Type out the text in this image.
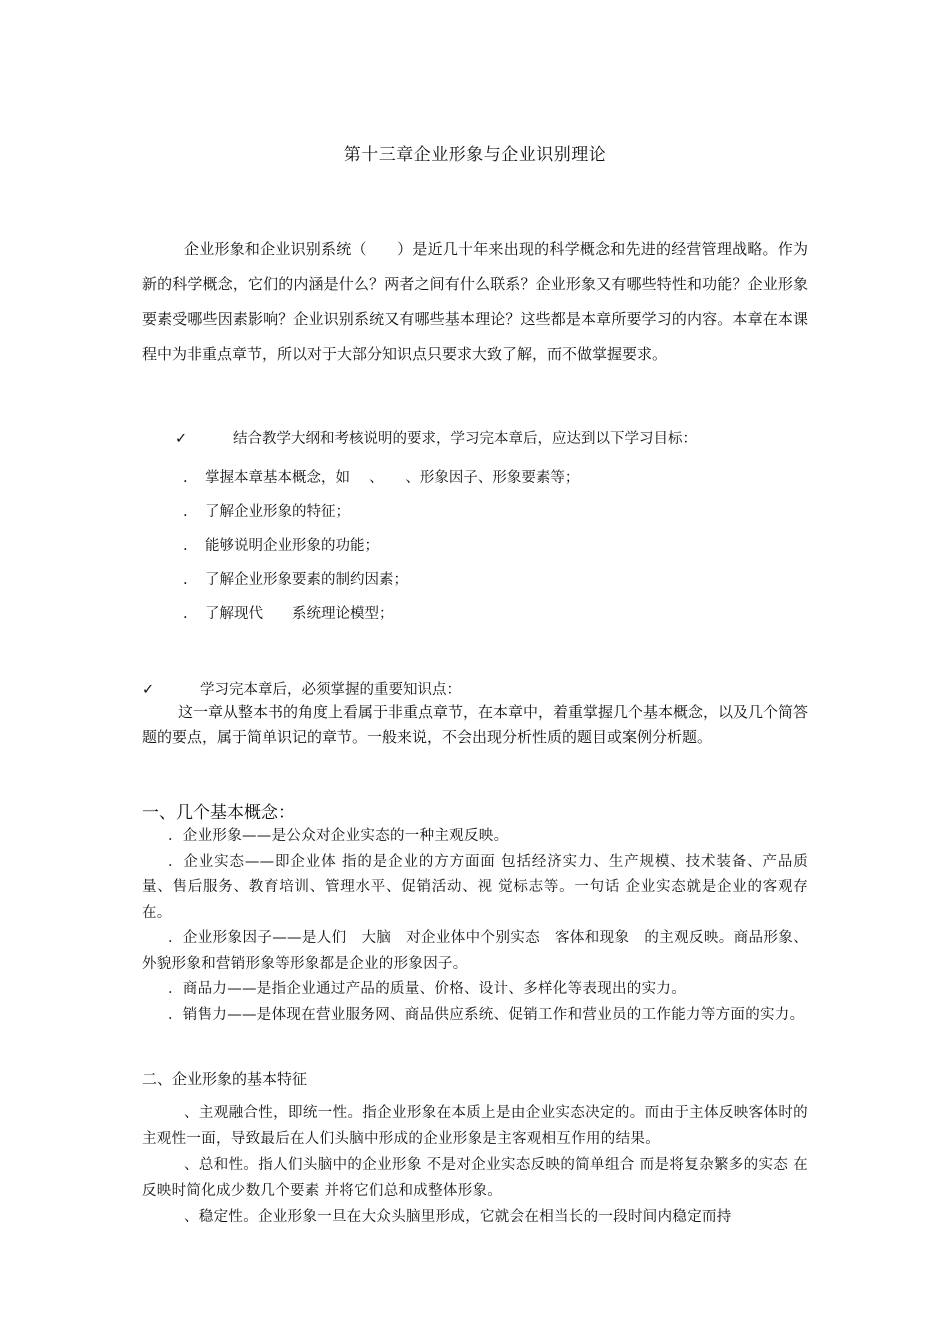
第十三章企业形象与企业识别理论

企业形象和企业识别系统（　　）是近几十年来出现的科学概念和先进的经营管理战略。作为新的科学概念，它们的内涵是什么？两者之间有什么联系？企业形象又有哪些特性和功能？企业形象要素受哪些因素影响？企业识别系统又有哪些基本理论？这些都是本章所要学习的内容。本章在本课程中为非重点章节，所以对于大部分知识点只要求大致了解，而不做掌握要求。

✓	结合教学大纲和考核说明的要求，学习完本章后，应达到以下学习目标：
. 掌握本章基本概念，如　 、　　、形象因子、形象要素等；
. 了解企业形象的特征；
. 能够说明企业形象的功能；
. 了解企业形象要素的制约因素；
. 了解现代　　系统理论模型；
✓	学习完本章后，必须掌握的重要知识点：

这一章从整本书的角度上看属于非重点章节，在本章中，着重掌握几个基本概念，以及几个简答题的要点，属于简单识记的章节。一般来说，不会出现分析性质的题目或案例分析题。

一、几个基本概念：

．企业形象——是公众对企业实态的一种主观反映。

．企业实态——即企业体 指的是企业的方方面面 包括经济实力、生产规模、技术装备、产品质量、售后服务、教育培训、管理水平、促销活动、视 觉标志等。一句话 企业实态就是企业的客观存在。

．企业形象因子——是人们　大脑　对企业体中个别实态　客体和现象　的主观反映。商品形象、外貌形象和营销形象等形象都是企业的形象因子。

．商品力——是指企业通过产品的质量、价格、设计、多样化等表现出的实力。

．销售力——是体现在营业服务网、商品供应系统、促销工作和营业员的工作能力等方面的实力。

二、企业形象的基本特征

、主观融合性，即统一性。指企业形象在本质上是由企业实态决定的。而由于主体反映客体时的主观性一面，导致最后在人们头脑中形成的企业形象是主客观相互作用的结果。

、总和性。指人们头脑中的企业形象 不是对企业实态反映的简单组合 而是将复杂繁多的实态 在反映时简化成少数几个要素 并将它们总和成整体形象。

、稳定性。企业形象一旦在大众头脑里形成，它就会在相当长的一段时间内稳定而持
